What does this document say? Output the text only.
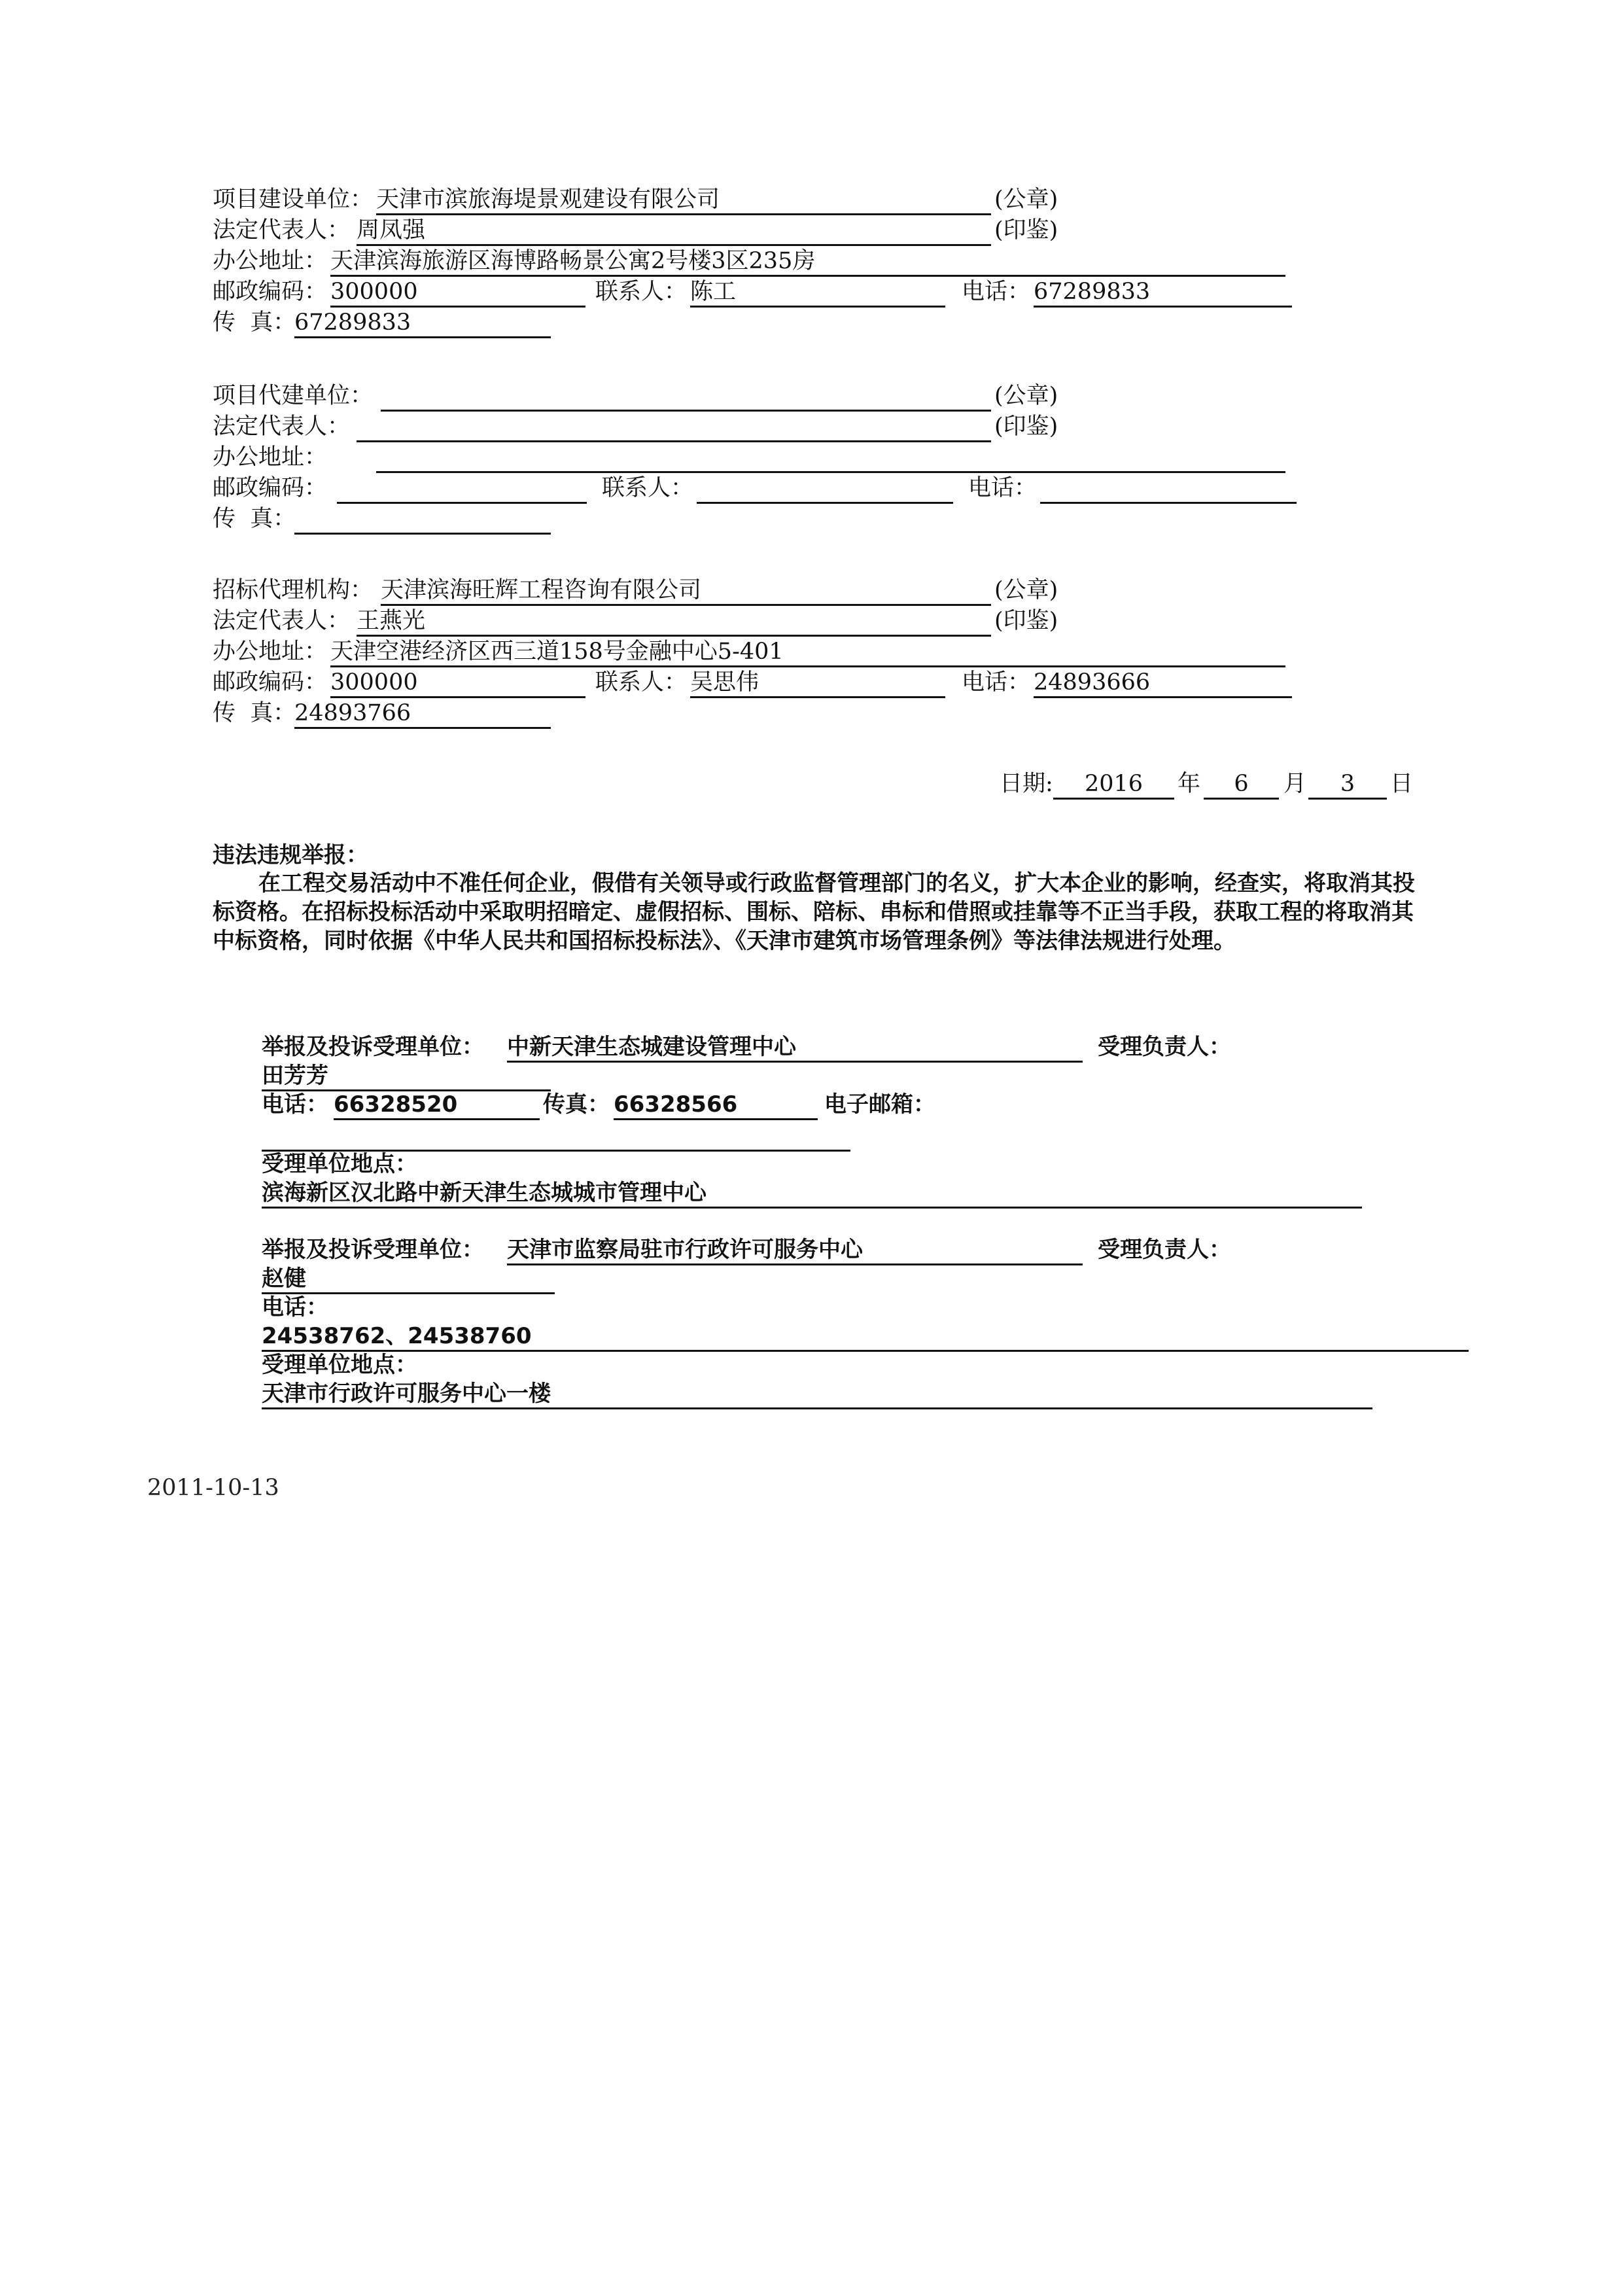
项目建设单位： 天津市滨旅海堤景观建设有限公司	(公章)
法定代表人： 周凤强	(印鉴)
办公地址： 天津滨海旅游区海博路畅景公寓2号楼3区235房
邮政编码： 300000	联系人： 陈工	电话： 67289833
传  真：
67289833
项目代建单位：	(公章)
法定代表人：	(印鉴)
办公地址：
邮政编码：	联系人：	电话：
传  真：
招标代理机构： 天津滨海旺辉工程咨询有限公司	(公章)
法定代表人： 王燕光	(印鉴)
办公地址： 天津空港经济区西三道158号金融中心5-401
邮政编码： 300000	联系人： 吴思伟	电话： 24893666
传  真：
24893766
日期:	2016	年	6	月	3	日
违法违规举报：
在工程交易活动中不准任何企业，假借有关领导或行政监督管理部门的名义，扩大本企业的影响，经查实，将取消其投标资格。在招标投标活动中采取明招暗定、虚假招标、围标、陪标、串标和借照或挂靠等不正当手段，获取工程的将取消其中标资格，同时依据《中华人民共和国招标投标法》、《天津市建筑市场管理条例》等法律法规进行处理。
举报及投诉受理单位： 中新天津生态城建设管理中心	受理负责人：
田芳芳
电话： 66328520	传真： 66328566	电子邮箱：
受理单位地点：
滨海新区汉北路中新天津生态城城市管理中心
举报及投诉受理单位： 天津市监察局驻市行政许可服务中心	受理负责人：
赵健
电话：
24538762、24538760
受理单位地点：
天津市行政许可服务中心一楼
2011-10-13
